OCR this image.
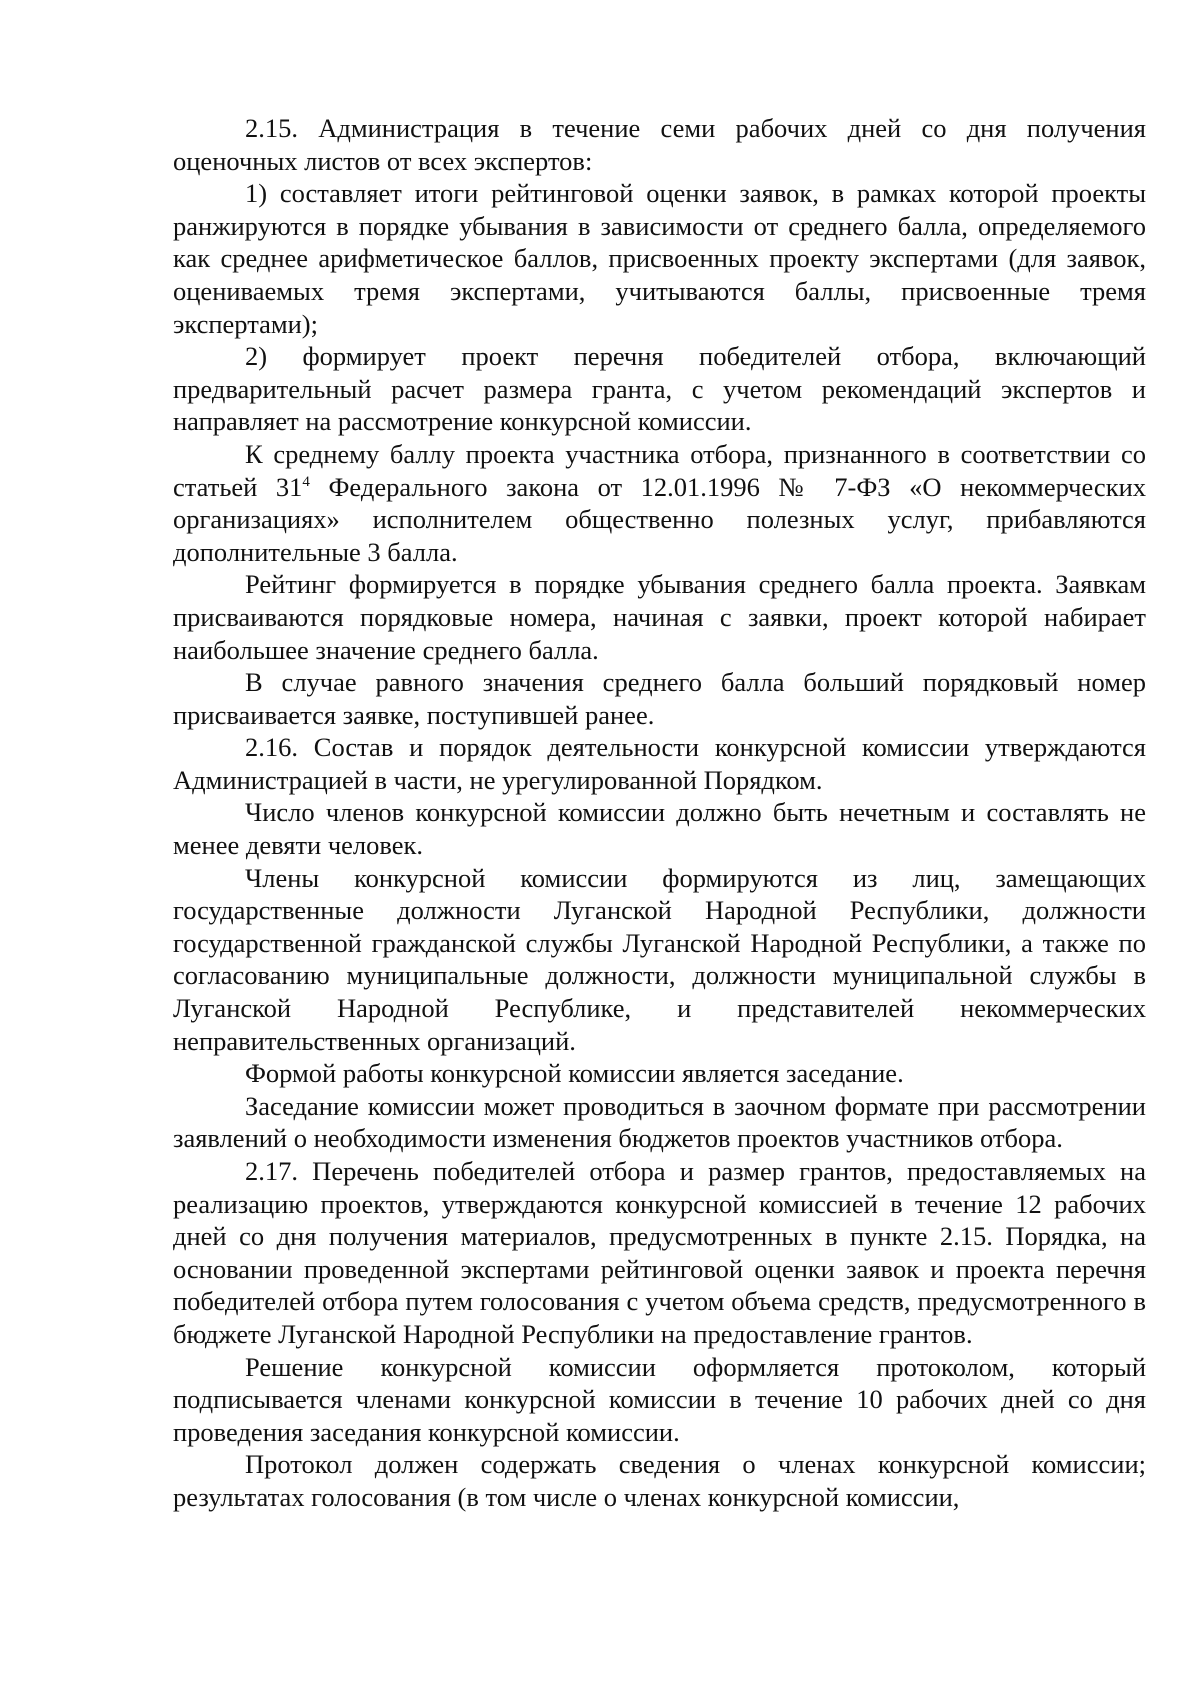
2.15. Администрация в течение семи рабочих дней со дня получения оценочных листов от всех экспертов:

1) составляет итоги рейтинговой оценки заявок, в рамках которой проекты ранжируются в порядке убывания в зависимости от среднего балла, определяемого как среднее арифметическое баллов, присвоенных проекту экспертами (для заявок, оцениваемых тремя экспертами, учитываются баллы, присвоенные тремя экспертами);

2) формирует проект перечня победителей отбора, включающий предварительный расчет размера гранта, с учетом рекомендаций экспертов и направляет на рассмотрение конкурсной комиссии.

К среднему баллу проекта участника отбора, признанного в соответствии со статьей $31^4$ Федерального закона от 12.01.1996 № 7-ФЗ «О некоммерческих организациях» исполнителем общественно полезных услуг, прибавляются дополнительные 3 балла.

Рейтинг формируется в порядке убывания среднего балла проекта. Заявкам присваиваются порядковые номера, начиная с заявки, проект которой набирает наибольшее значение среднего балла.

В случае равного значения среднего балла больший порядковый номер присваивается заявке, поступившей ранее.

2.16. Состав и порядок деятельности конкурсной комиссии утверждаются Администрацией в части, не урегулированной Порядком.

Число членов конкурсной комиссии должно быть нечетным и составлять не менее девяти человек.

Члены конкурсной комиссии формируются из лиц, замещающих государственные должности Луганской Народной Республики, должности государственной гражданской службы Луганской Народной Республики, а также по согласованию муниципальные должности, должности муниципальной службы в Луганской Народной Республике, и представителей некоммерческих неправительственных организаций.

Формой работы конкурсной комиссии является заседание.

Заседание комиссии может проводиться в заочном формате при рассмотрении заявлений о необходимости изменения бюджетов проектов участников отбора.

2.17. Перечень победителей отбора и размер грантов, предоставляемых на реализацию проектов, утверждаются конкурсной комиссией в течение 12 рабочих дней со дня получения материалов, предусмотренных в пункте 2.15. Порядка, на основании проведенной экспертами рейтинговой оценки заявок и проекта перечня победителей отбора путем голосования с учетом объема средств, предусмотренного в бюджете Луганской Народной Республики на предоставление грантов.

Решение конкурсной комиссии оформляется протоколом, который подписывается членами конкурсной комиссии в течение 10 рабочих дней со дня проведения заседания конкурсной комиссии.

Протокол должен содержать сведения о членах конкурсной комиссии; результатах голосования (в том числе о членах конкурсной комиссии,
